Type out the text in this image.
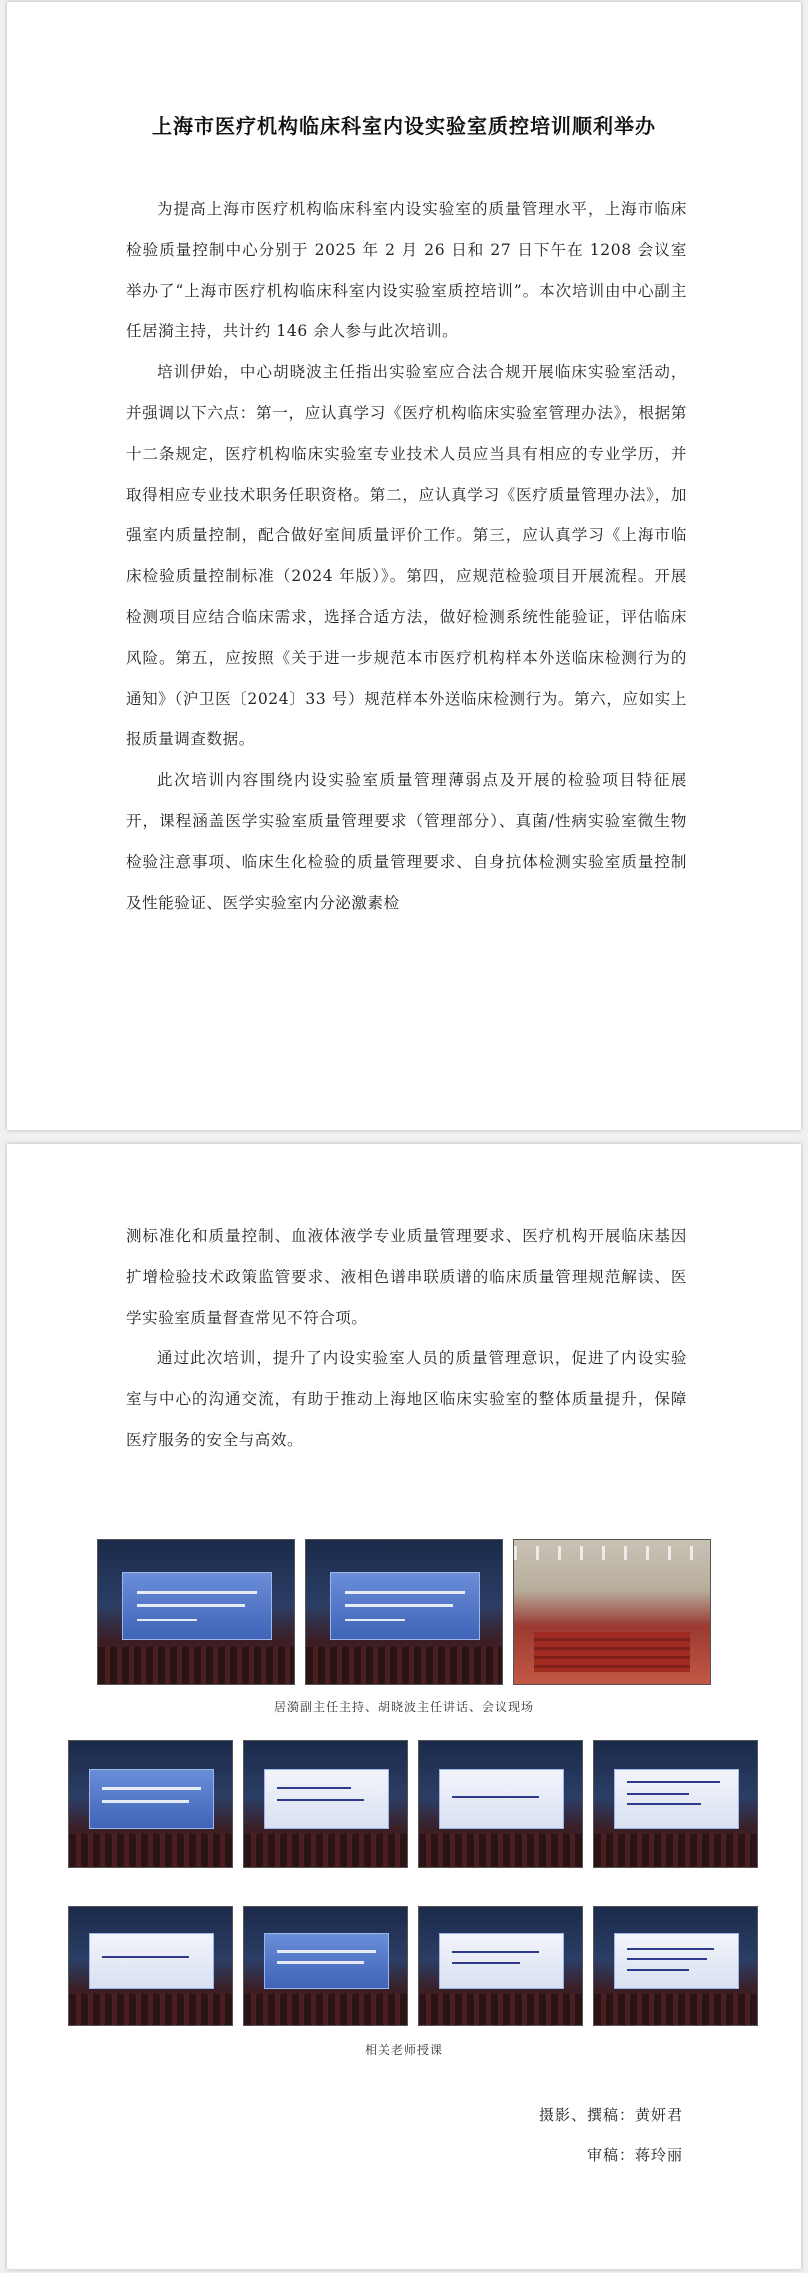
上海市医疗机构临床科室内设实验室质控培训顺利举办

为提高上海市医疗机构临床科室内设实验室的质量管理水平，上海市临床检验质量控制中心分别于 2025 年 2 月 26 日和 27 日下午在 1208 会议室举办了“上海市医疗机构临床科室内设实验室质控培训”。本次培训由中心副主任居漪主持，共计约 146 余人参与此次培训。

培训伊始，中心胡晓波主任指出实验室应合法合规开展临床实验室活动，并强调以下六点：第一，应认真学习《医疗机构临床实验室管理办法》，根据第十二条规定，医疗机构临床实验室专业技术人员应当具有相应的专业学历，并取得相应专业技术职务任职资格。第二，应认真学习《医疗质量管理办法》，加强室内质量控制，配合做好室间质量评价工作。第三，应认真学习《上海市临床检验质量控制标准（2024 年版）》。第四，应规范检验项目开展流程。开展检测项目应结合临床需求，选择合适方法，做好检测系统性能验证，评估临床风险。第五，应按照《关于进一步规范本市医疗机构样本外送临床检测行为的通知》（沪卫医〔2024〕33 号）规范样本外送临床检测行为。第六，应如实上报质量调查数据。

此次培训内容围绕内设实验室质量管理薄弱点及开展的检验项目特征展开，课程涵盖医学实验室质量管理要求（管理部分）、真菌/性病实验室微生物检验注意事项、临床生化检验的质量管理要求、自身抗体检测实验室质量控制及性能验证、医学实验室内分泌激素检

测标准化和质量控制、血液体液学专业质量管理要求、医疗机构开展临床基因扩增检验技术政策监管要求、液相色谱串联质谱的临床质量管理规范解读、医学实验室质量督查常见不符合项。

通过此次培训，提升了内设实验室人员的质量管理意识，促进了内设实验室与中心的沟通交流，有助于推动上海地区临床实验室的整体质量提升，保障医疗服务的安全与高效。

居漪副主任主持、胡晓波主任讲话、会议现场
相关老师授课
摄影、撰稿：黄妍君
审稿：蒋玲丽
